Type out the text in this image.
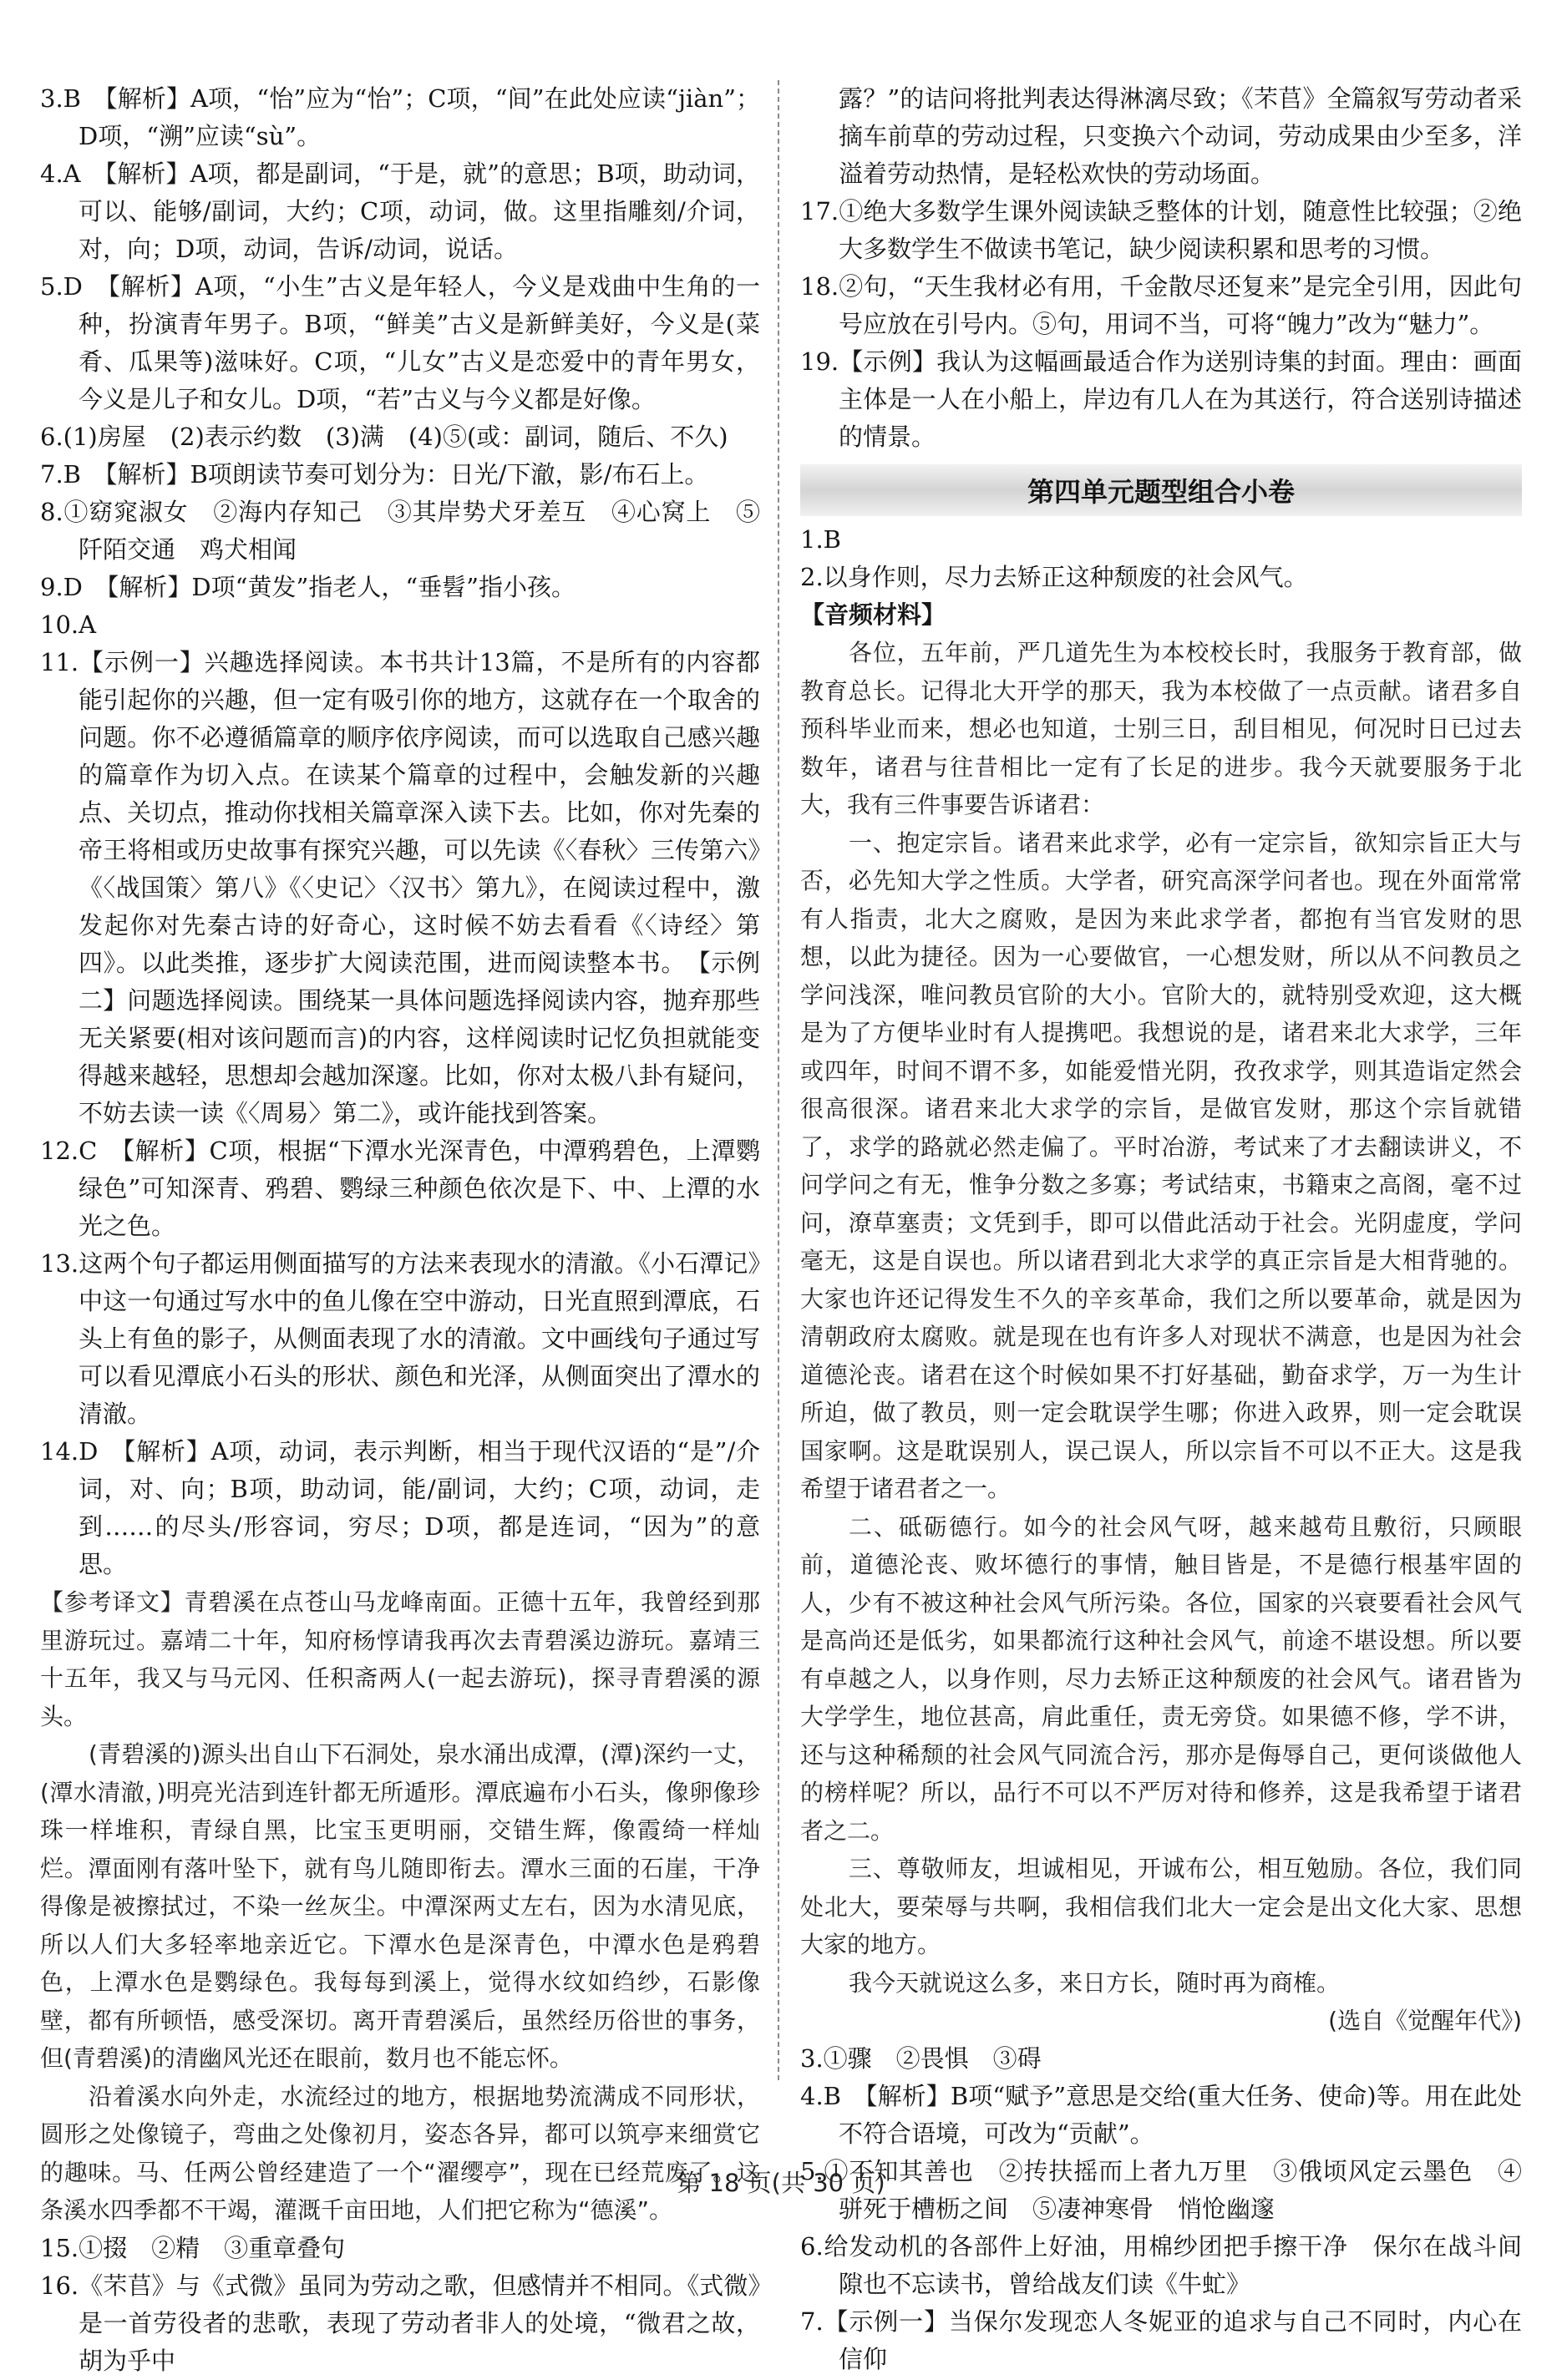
3.B　【解析】A项，“怡”应为“怡”；C项，“间”在此处应读“jiàn”；D项，“溯”应读“sù”。
4.A　【解析】A项，都是副词，“于是，就”的意思；B项，助动词，可以、能够/副词，大约；C项，动词，做。这里指雕刻/介词，对，向；D项，动词，告诉/动词，说话。
5.D　【解析】A项，“小生”古义是年轻人，今义是戏曲中生角的一种，扮演青年男子。B项，“鲜美”古义是新鲜美好，今义是(菜肴、瓜果等)滋味好。C项，“儿女”古义是恋爱中的青年男女，今义是儿子和女儿。D项，“若”古义与今义都是好像。
6.(1)房屋　(2)表示约数　(3)满　(4)⑤(或：副词，随后、不久)
7.B　【解析】B项朗读节奏可划分为：日光/下澈，影/布石上。
8.①窈窕淑女　②海内存知己　③其岸势犬牙差互　④心窝上　⑤阡陌交通　鸡犬相闻
9.D　【解析】D项“黄发”指老人，“垂髫”指小孩。
10.A
11.【示例一】兴趣选择阅读。本书共计13篇，不是所有的内容都能引起你的兴趣，但一定有吸引你的地方，这就存在一个取舍的问题。你不必遵循篇章的顺序依序阅读，而可以选取自己感兴趣的篇章作为切入点。在读某个篇章的过程中，会触发新的兴趣点、关切点，推动你找相关篇章深入读下去。比如，你对先秦的帝王将相或历史故事有探究兴趣，可以先读《〈春秋〉三传第六》《〈战国策〉第八》《〈史记〉〈汉书〉第九》，在阅读过程中，激发起你对先秦古诗的好奇心，这时候不妨去看看《〈诗经〉第四》。以此类推，逐步扩大阅读范围，进而阅读整本书。　【示例二】问题选择阅读。围绕某一具体问题选择阅读内容，抛弃那些无关紧要(相对该问题而言)的内容，这样阅读时记忆负担就能变得越来越轻，思想却会越加深邃。比如，你对太极八卦有疑问，不妨去读一读《〈周易〉第二》，或许能找到答案。
12.C　【解析】C项，根据“下潭水光深青色，中潭鸦碧色，上潭鹦绿色”可知深青、鸦碧、鹦绿三种颜色依次是下、中、上潭的水光之色。
13.这两个句子都运用侧面描写的方法来表现水的清澈。《小石潭记》中这一句通过写水中的鱼儿像在空中游动，日光直照到潭底，石头上有鱼的影子，从侧面表现了水的清澈。文中画线句子通过写可以看见潭底小石头的形状、颜色和光泽，从侧面突出了潭水的清澈。
14.D　【解析】A项，动词，表示判断，相当于现代汉语的“是”/介词，对、向；B项，助动词，能/副词，大约；C项，动词，走到……的尽头/形容词，穷尽；D项，都是连词，“因为”的意思。
【参考译文】青碧溪在点苍山马龙峰南面。正德十五年，我曾经到那里游玩过。嘉靖二十年，知府杨惇请我再次去青碧溪边游玩。嘉靖三十五年，我又与马元冈、任积斋两人(一起去游玩)，探寻青碧溪的源头。
(青碧溪的)源头出自山下石洞处，泉水涌出成潭，(潭)深约一丈，(潭水清澈，)明亮光洁到连针都无所遁形。潭底遍布小石头，像卵像珍珠一样堆积，青绿自黑，比宝玉更明丽，交错生辉，像霞绮一样灿烂。潭面刚有落叶坠下，就有鸟儿随即衔去。潭水三面的石崖，干净得像是被擦拭过，不染一丝灰尘。中潭深两丈左右，因为水清见底，所以人们大多轻率地亲近它。下潭水色是深青色，中潭水色是鸦碧色，上潭水色是鹦绿色。我每每到溪上，觉得水纹如绉纱，石影像壁，都有所顿悟，感受深切。离开青碧溪后，虽然经历俗世的事务，但(青碧溪)的清幽风光还在眼前，数月也不能忘怀。
沿着溪水向外走，水流经过的地方，根据地势流满成不同形状，圆形之处像镜子，弯曲之处像初月，姿态各异，都可以筑亭来细赏它的趣味。马、任两公曾经建造了一个“濯缨亭”，现在已经荒废了。这条溪水四季都不干竭，灌溉千亩田地，人们把它称为“德溪”。
15.①掇　②精　③重章叠句
16.《芣苢》与《式微》虽同为劳动之歌，但感情并不相同。《式微》是一首劳役者的悲歌，表现了劳动者非人的处境，“微君之故，胡为乎中
露？”的诘问将批判表达得淋漓尽致；《芣苢》全篇叙写劳动者采摘车前草的劳动过程，只变换六个动词，劳动成果由少至多，洋溢着劳动热情，是轻松欢快的劳动场面。
17.①绝大多数学生课外阅读缺乏整体的计划，随意性比较强；②绝大多数学生不做读书笔记，缺少阅读积累和思考的习惯。
18.②句，“天生我材必有用，千金散尽还复来”是完全引用，因此句号应放在引号内。⑤句，用词不当，可将“魄力”改为“魅力”。
19.【示例】我认为这幅画最适合作为送别诗集的封面。理由：画面主体是一人在小船上，岸边有几人在为其送行，符合送别诗描述的情景。
第四单元题型组合小卷
1.B
2.以身作则，尽力去矫正这种颓废的社会风气。
【音频材料】
各位，五年前，严几道先生为本校校长时，我服务于教育部，做教育总长。记得北大开学的那天，我为本校做了一点贡献。诸君多自预科毕业而来，想必也知道，士别三日，刮目相见，何况时日已过去数年，诸君与往昔相比一定有了长足的进步。我今天就要服务于北大，我有三件事要告诉诸君：
一、抱定宗旨。诸君来此求学，必有一定宗旨，欲知宗旨正大与否，必先知大学之性质。大学者，研究高深学问者也。现在外面常常有人指责，北大之腐败，是因为来此求学者，都抱有当官发财的思想，以此为捷径。因为一心要做官，一心想发财，所以从不问教员之学问浅深，唯问教员官阶的大小。官阶大的，就特别受欢迎，这大概是为了方便毕业时有人提携吧。我想说的是，诸君来北大求学，三年或四年，时间不谓不多，如能爱惜光阴，孜孜求学，则其造诣定然会很高很深。诸君来北大求学的宗旨，是做官发财，那这个宗旨就错了，求学的路就必然走偏了。平时冶游，考试来了才去翻读讲义，不问学问之有无，惟争分数之多寡；考试结束，书籍束之高阁，毫不过问，潦草塞责；文凭到手，即可以借此活动于社会。光阴虚度，学问毫无，这是自误也。所以诸君到北大求学的真正宗旨是大相背驰的。大家也许还记得发生不久的辛亥革命，我们之所以要革命，就是因为清朝政府太腐败。就是现在也有许多人对现状不满意，也是因为社会道德沦丧。诸君在这个时候如果不打好基础，勤奋求学，万一为生计所迫，做了教员，则一定会耽误学生哪；你进入政界，则一定会耽误国家啊。这是耽误别人，误己误人，所以宗旨不可以不正大。这是我希望于诸君者之一。
二、砥砺德行。如今的社会风气呀，越来越苟且敷衍，只顾眼前，道德沦丧、败坏德行的事情，触目皆是，不是德行根基牢固的人，少有不被这种社会风气所污染。各位，国家的兴衰要看社会风气是高尚还是低劣，如果都流行这种社会风气，前途不堪设想。所以要有卓越之人，以身作则，尽力去矫正这种颓废的社会风气。诸君皆为大学学生，地位甚高，肩此重任，责无旁贷。如果德不修，学不讲，还与这种稀颓的社会风气同流合污，那亦是侮辱自己，更何谈做他人的榜样呢？所以，品行不可以不严厉对待和修养，这是我希望于诸君者之二。
三、尊敬师友，坦诚相见，开诚布公，相互勉励。各位，我们同处北大，要荣辱与共啊，我相信我们北大一定会是出文化大家、思想大家的地方。
我今天就说这么多，来日方长，随时再为商榷。
(选自《觉醒年代》)
3.①骤　②畏惧　③碍
4.B　【解析】B项“赋予”意思是交给(重大任务、使命)等。用在此处不符合语境，可改为“贡献”。
5.①不知其善也　②抟扶摇而上者九万里　③俄顷风定云墨色　④骈死于槽枥之间　⑤凄神寒骨　悄怆幽邃
6.给发动机的各部件上好油，用棉纱团把手擦干净　保尔在战斗间隙也不忘读书，曾给战友们读《牛虻》
7.【示例一】当保尔发现恋人冬妮亚的追求与自己不同时，内心在信仰
第 18 页(共 30 页)
